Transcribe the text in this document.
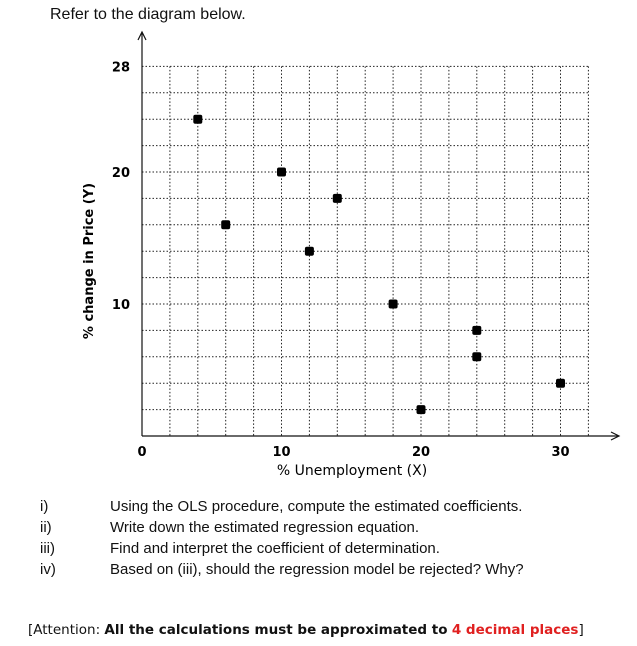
Refer to the diagram below.
0	10	20	30
10
20
28
% Unemployment (X)
% change in Price (Y)
i)	Using the OLS procedure, compute the estimated coefficients.
ii)	Write down the estimated regression equation.
iii)	Find and interpret the coefficient of determination.
iv)	Based on (iii), should the regression model be rejected? Why?
[Attention: All the calculations must be approximated to 4 decimal places]
